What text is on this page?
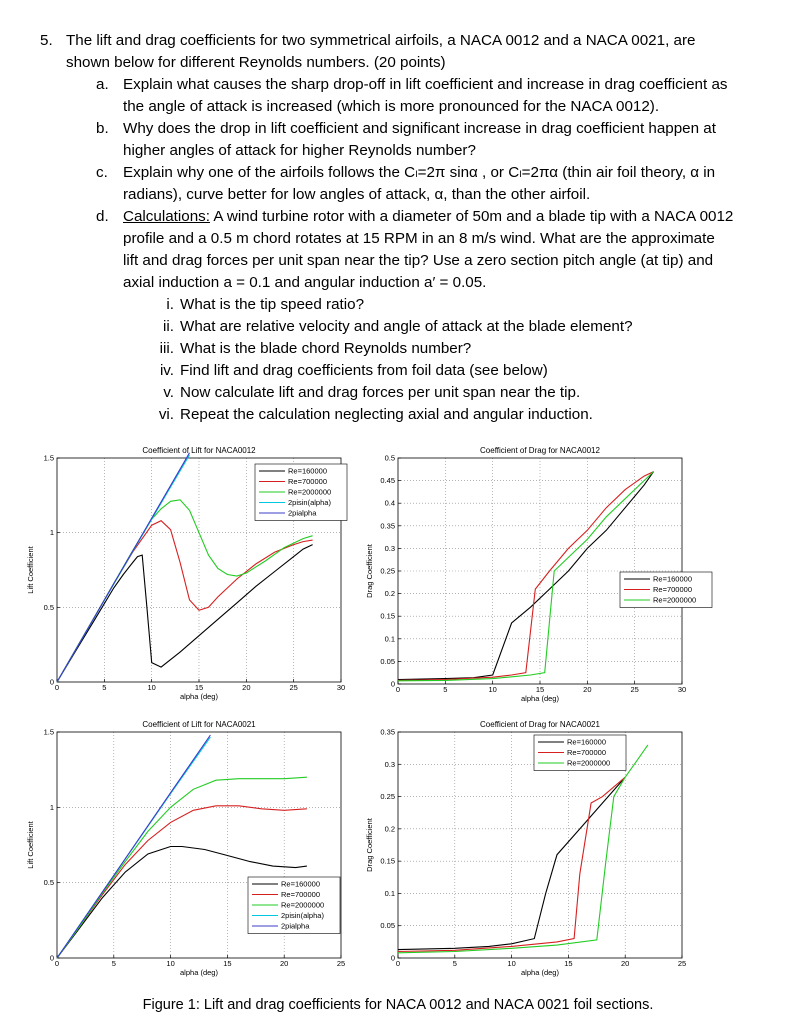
5. The lift and drag coefficients for two symmetrical airfoils, a NACA 0012 and a NACA 0021, are
shown below for different Reynolds numbers. (20 points)
a. Explain what causes the sharp drop-off in lift coefficient and increase in drag coefficient as
the angle of attack is increased (which is more pronounced for the NACA 0012).
b. Why does the drop in lift coefficient and significant increase in drag coefficient happen at
higher angles of attack for higher Reynolds number?
c. Explain why one of the airfoils follows the Cₗ=2π sinα , or Cₗ=2πα (thin air foil theory, α in
radians), curve better for low angles of attack, α, than the other airfoil.
d. Calculations: A wind turbine rotor with a diameter of 50m and a blade tip with a NACA 0012
profile and a 0.5 m chord rotates at 15 RPM in an 8 m/s wind. What are the approximate
lift and drag forces per unit span near the tip? Use a zero section pitch angle (at tip) and
axial induction a = 0.1 and angular induction a′ = 0.05.
i. What is the tip speed ratio?
ii. What are relative velocity and angle of attack at the blade element?
iii. What is the blade chord Reynolds number?
iv. Find lift and drag coefficients from foil data (see below)
v. Now calculate lift and drag forces per unit span near the tip.
vi. Repeat the calculation neglecting axial and angular induction.
Coefficient of Lift for NACA0012
0	5	10	15	20	25	30
0
0.5
1
1.5
alpha (deg)
Lift Coefficient
Re=160000
Re=700000
Re=2000000
2pisin(alpha)
2pialpha
Coefficient of Drag for NACA0012
0	5	10	15	20	25	30
0
0.05
0.1
0.15
0.2
0.25
0.3
0.35
0.4
0.45
0.5
alpha (deg)
Drag Coefficient	Re=160000
Re=700000
Re=2000000
Coefficient of Lift for NACA0021
0	5	10	15	20	25
0
0.5
1
1.5
alpha (deg)
Lift Coefficient
Re=160000
Re=700000
Re=2000000
2pisin(alpha)
2pialpha
Coefficient of Drag for NACA0021
0	5	10	15	20	25
0
0.05
0.1
0.15
0.2
0.25
0.3
0.35
alpha (deg)
Drag Coefficient
Re=160000
Re=700000
Re=2000000
Figure 1: Lift and drag coefficients for NACA 0012 and NACA 0021 foil sections.
